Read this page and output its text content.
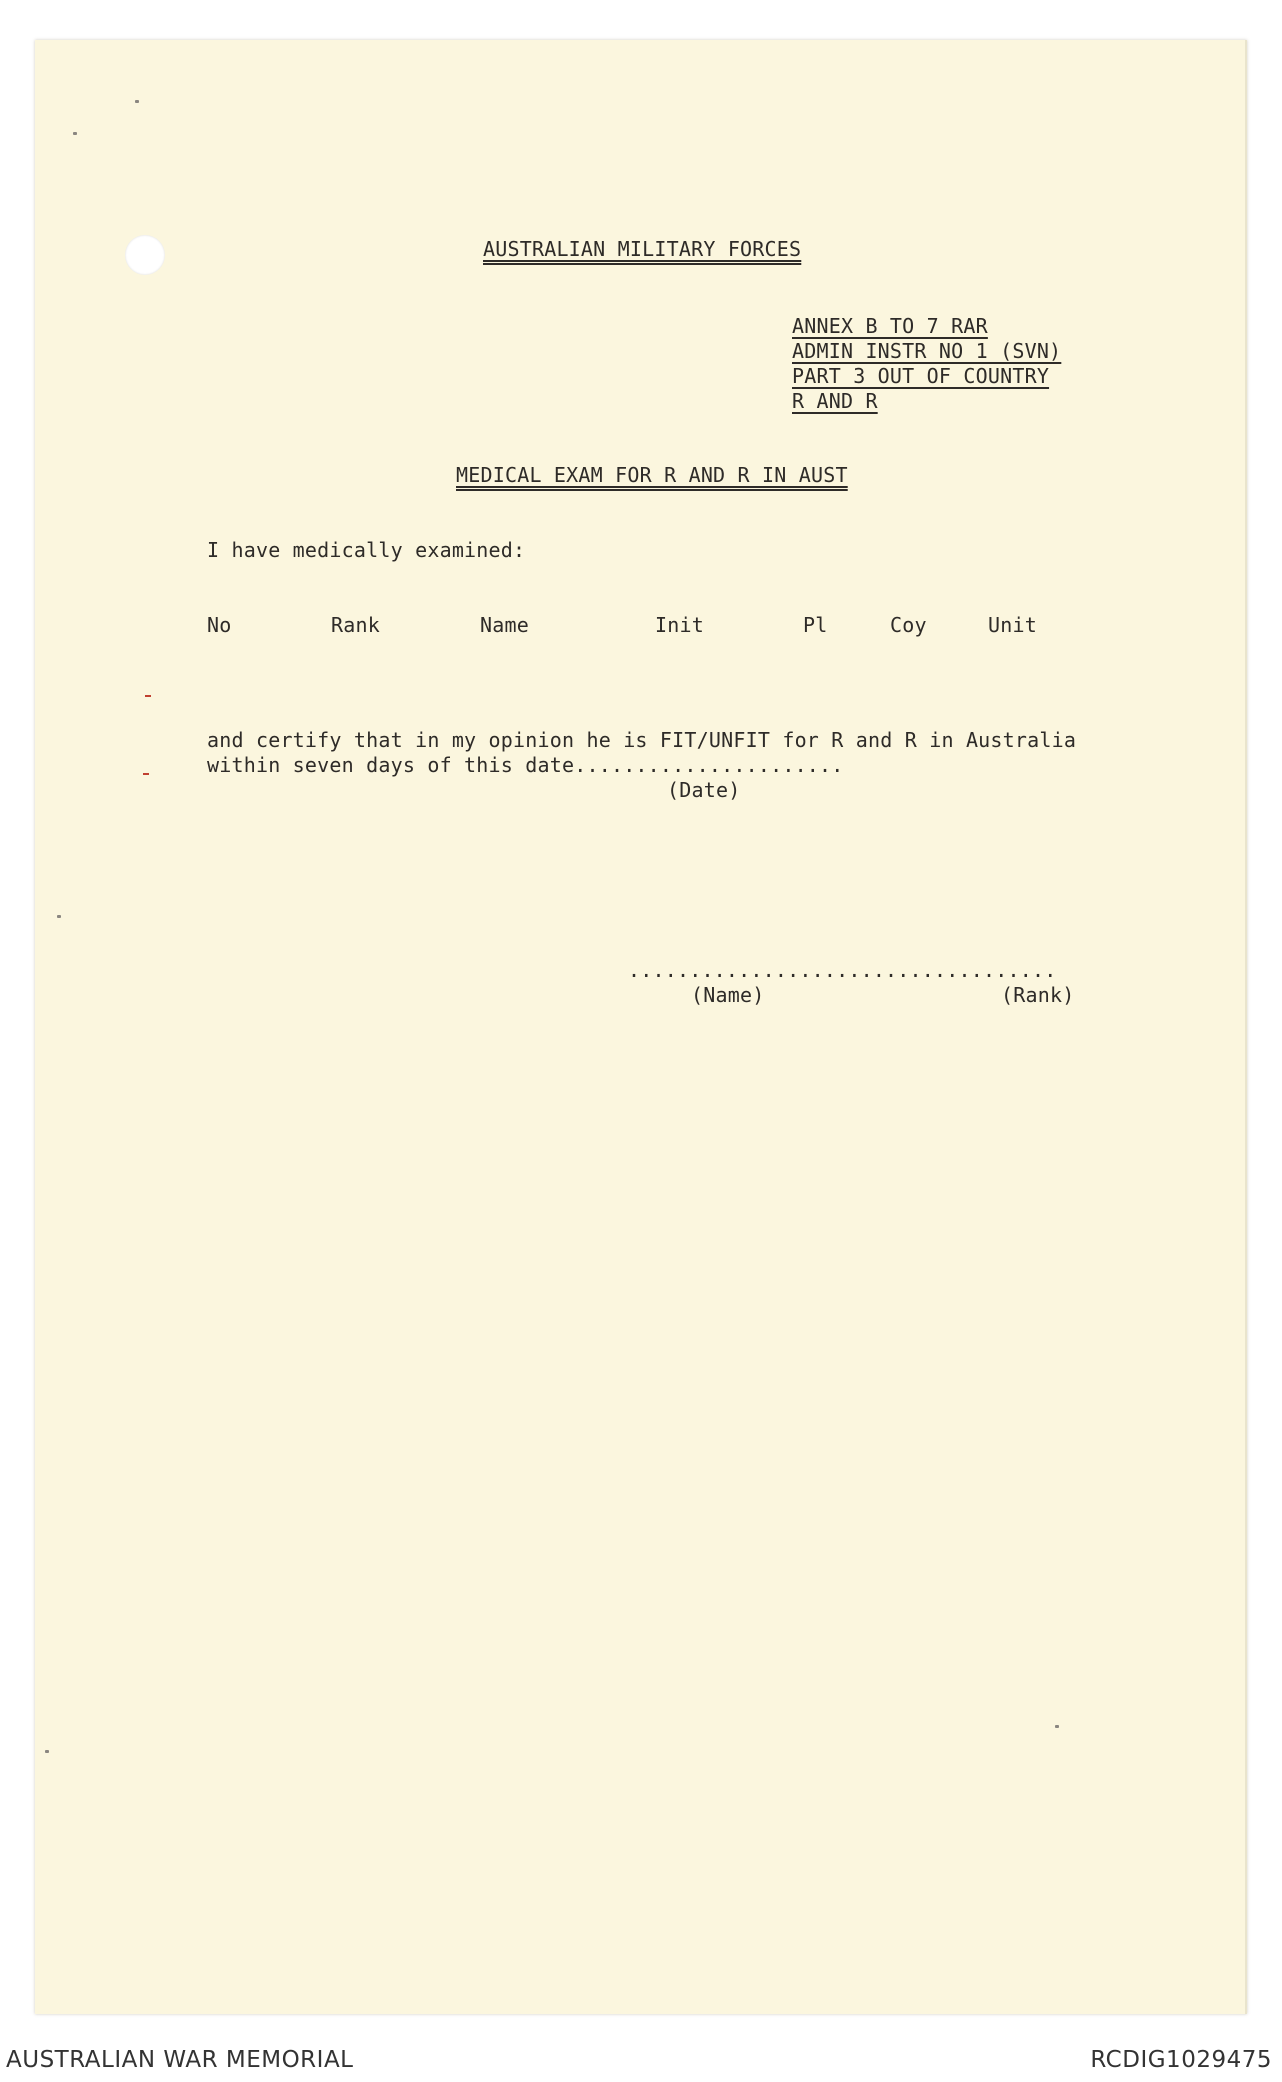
AUSTRALIAN MILITARY FORCES
ANNEX B TO 7 RAR
ADMIN INSTR NO 1 (SVN)
PART 3 OUT OF COUNTRY
R AND R
MEDICAL EXAM FOR R AND R IN AUST
I have medically examined:
No	Rank	Name	Init	Pl	Coy	Unit
and certify that in my opinion he is FIT/UNFIT for R and R in Australia
within seven days of this date......................
(Date)
...................................
(Name)	(Rank)
AUSTRALIAN WAR MEMORIAL	RCDIG1029475
